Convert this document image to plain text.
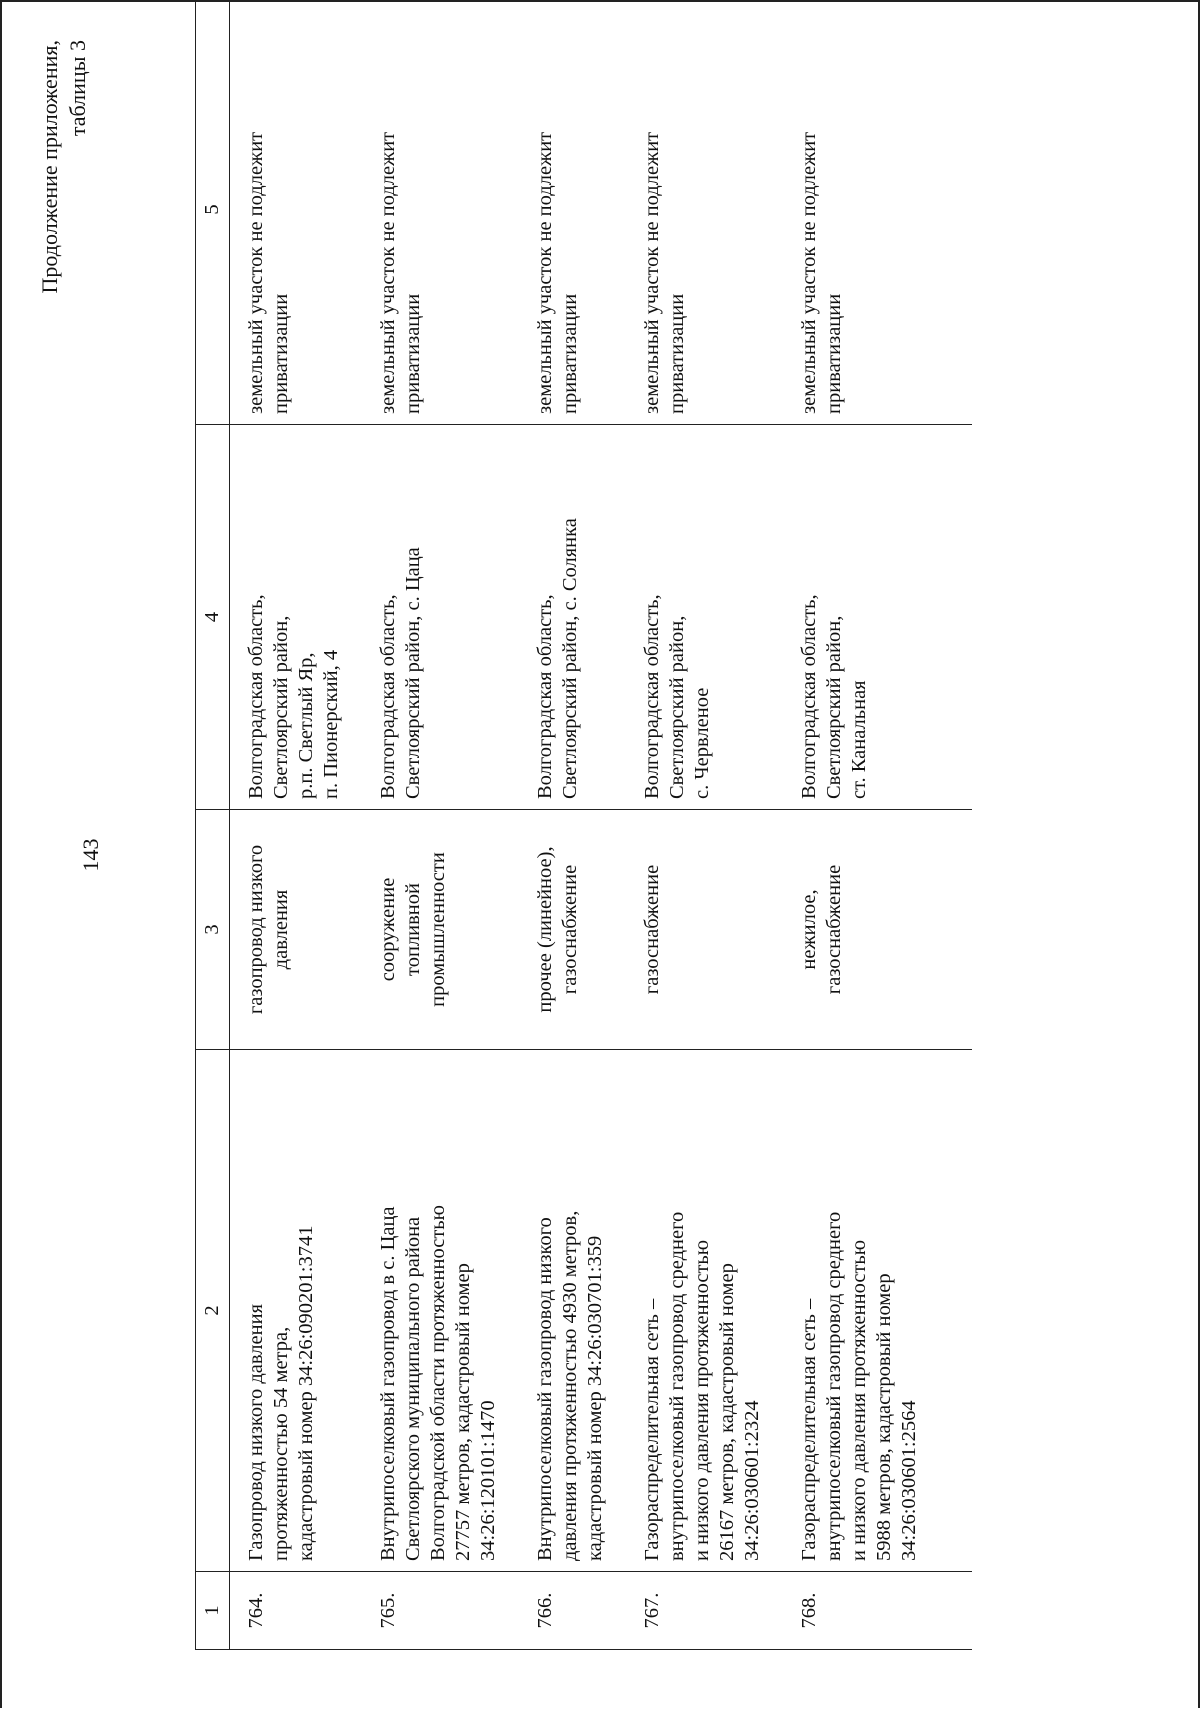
143
Продолжение приложения,
таблицы 3
1	2	3	4	5
764.	Газопровод низкого давления
протяженностью 54 метра,
кадастровый номер 34:26:090201:3741	газопровод низкого
давления	Волгоградская область,
Светлоярский район,
р.п. Светлый Яр,
п. Пионерский, 4	земельный участок не подлежит
приватизации
765.	Внутрипоселковый газопровод в с. Цаца
Светлоярского муниципального района
Волгоградской области протяженностью
27757 метров, кадастровый номер
34:26:120101:1470	сооружение
топливной
промышленности	Волгоградская область,
Светлоярский район, с. Цаца	земельный участок не подлежит
приватизации
766.	Внутрипоселковый газопровод низкого
давления протяженностью 4930 метров,
кадастровый номер 34:26:030701:359	прочее (линейное),
газоснабжение	Волгоградская область,
Светлоярский район, с. Солянка	земельный участок не подлежит
приватизации
767.	Газораспределительная сеть –
внутрипоселковый газопровод среднего
и низкого давления протяженностью
26167 метров, кадастровый номер
34:26:030601:2324	газоснабжение	Волгоградская область,
Светлоярский район,
с. Червленое	земельный участок не подлежит
приватизации
768.	Газораспределительная сеть –
внутрипоселковый газопровод среднего
и низкого давления протяженностью
5988 метров, кадастровый номер
34:26:030601:2564	нежилое,
газоснабжение	Волгоградская область,
Светлоярский район,
ст. Канальная	земельный участок не подлежит
приватизации
